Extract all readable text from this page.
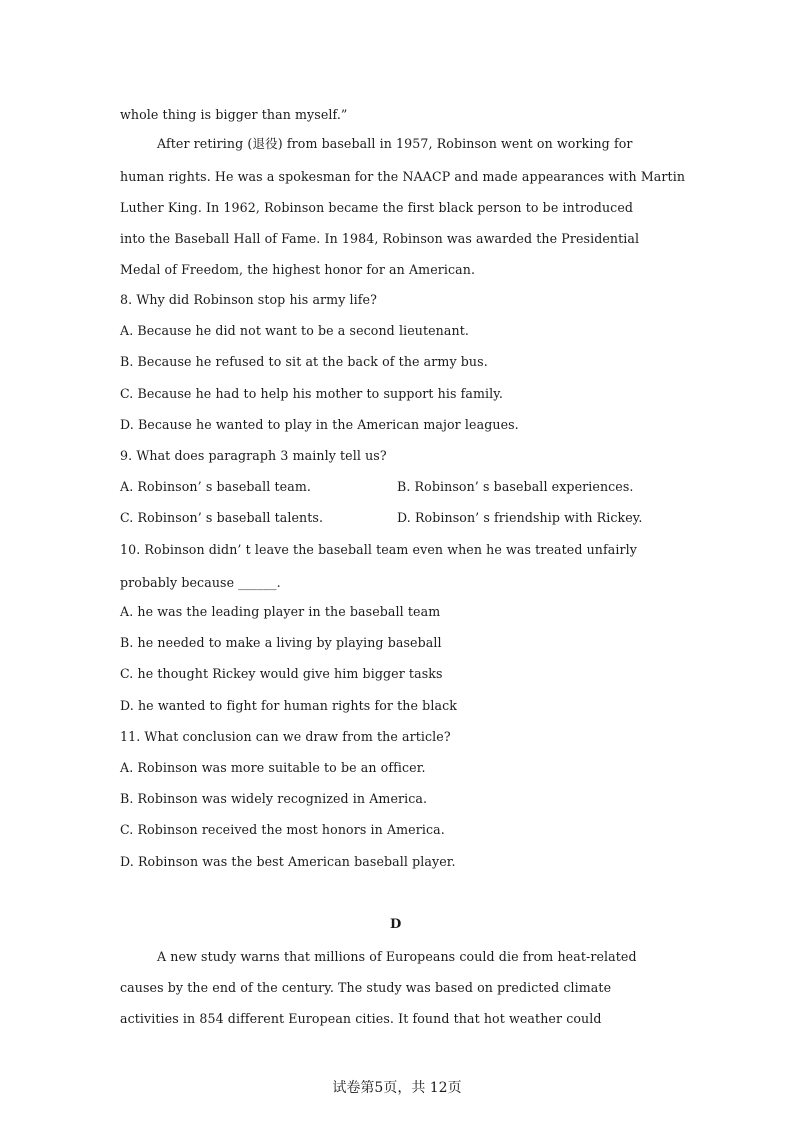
whole thing is bigger than myself.”
After retiring (退役) from baseball in 1957, Robinson went on working for
human rights. He was a spokesman for the NAACP and made appearances with Martin
Luther King. In 1962, Robinson became the first black person to be introduced
into the Baseball Hall of Fame. In 1984, Robinson was awarded the Presidential
Medal of Freedom, the highest honor for an American.
8. Why did Robinson stop his army life?
A. Because he did not want to be a second lieutenant.
B. Because he refused to sit at the back of the army bus.
C. Because he had to help his mother to support his family.
D. Because he wanted to play in the American major leagues.
9. What does paragraph 3 mainly tell us?
A. Robinson’ s baseball team.	B. Robinson’ s baseball experiences.
C. Robinson’ s baseball talents.	D. Robinson’ s friendship with Rickey.
10. Robinson didn’ t leave the baseball team even when he was treated unfairly
probably because ______.
A. he was the leading player in the baseball team
B. he needed to make a living by playing baseball
C. he thought Rickey would give him bigger tasks
D. he wanted to fight for human rights for the black
11. What conclusion can we draw from the article?
A. Robinson was more suitable to be an officer.
B. Robinson was widely recognized in America.
C. Robinson received the most honors in America.
D. Robinson was the best American baseball player.
D
A new study warns that millions of Europeans could die from heat-related
causes by the end of the century. The study was based on predicted climate
activities in 854 different European cities. It found that hot weather could
试卷第5页，共 12页
